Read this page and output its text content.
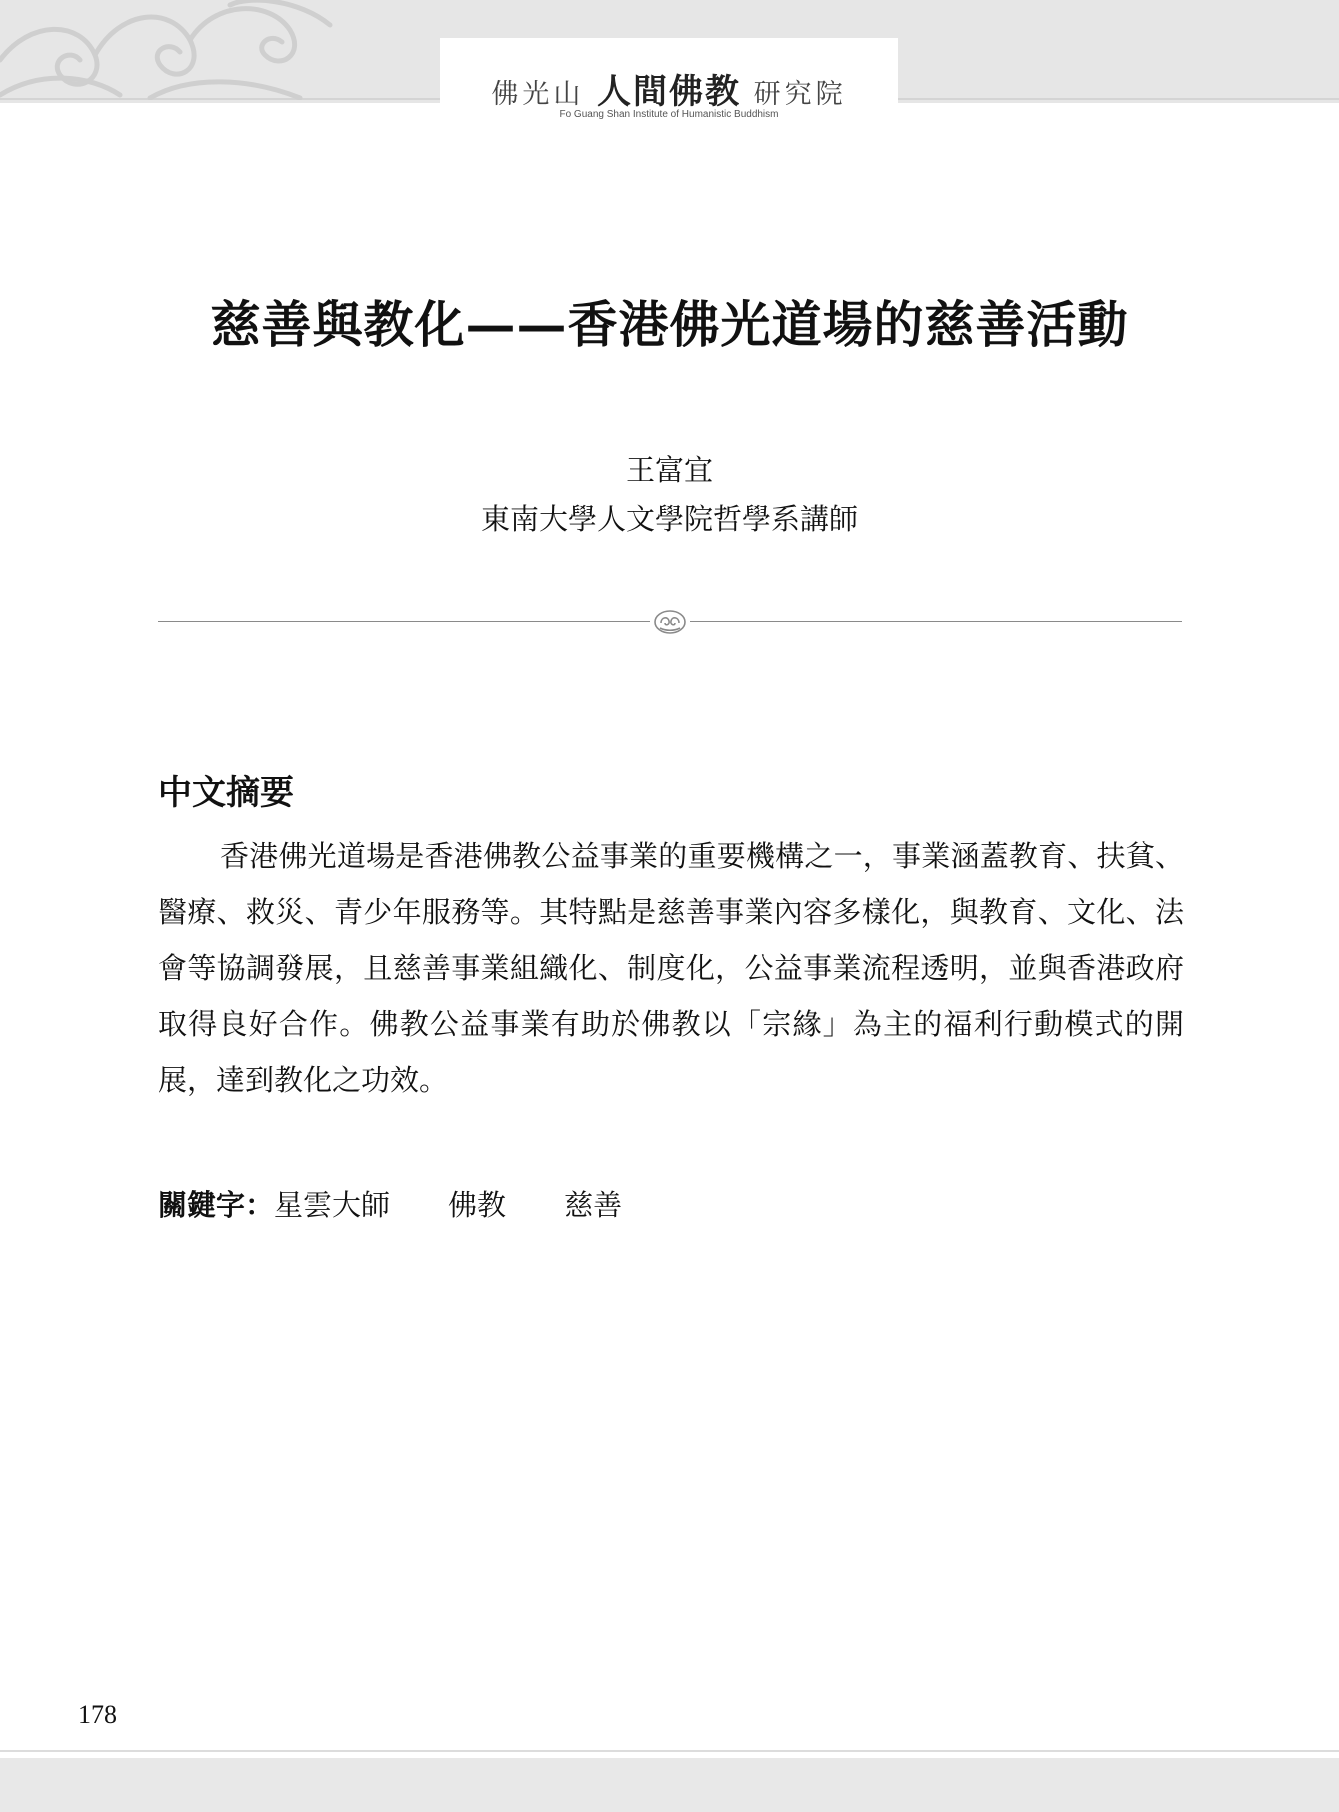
佛光山 人間佛教 研究院
Fo Guang Shan Institute of Humanistic Buddhism
慈善與教化——香港佛光道場的慈善活動
王富宜
東南大學人文學院哲學系講師
中文摘要

香港佛光道場是香港佛教公益事業的重要機構之一，事業涵蓋教育、扶貧、醫療、救災、青少年服務等。其特點是慈善事業內容多樣化，與教育、文化、法會等協調發展，且慈善事業組織化、制度化，公益事業流程透明，並與香港政府取得良好合作。佛教公益事業有助於佛教以「宗緣」為主的福利行動模式的開展，達到教化之功效。

關鍵字：星雲大師　　 佛教　　 慈善
178
